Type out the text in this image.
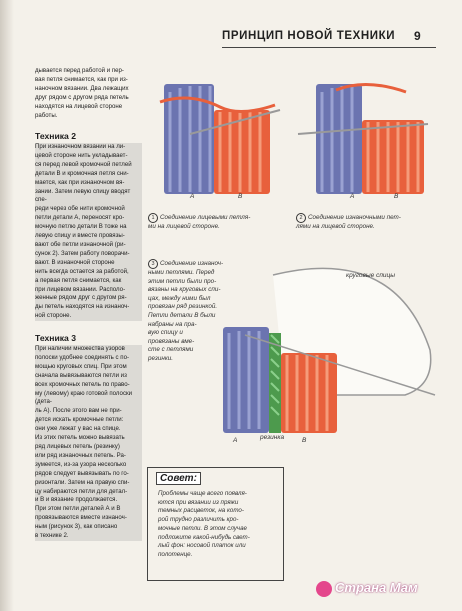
ПРИНЦИП НОВОЙ ТЕХНИКИ 9

дывается перед работой и пер-

вая петля снимается, как при из-

наночном вязании. Два лежащих

друг рядом с другом ряда петель

находятся на лицевой стороне

работы.

Техника 2

При изнаночном вязании на ли-

цевой стороне нить укладывает-

ся перед левой кромочной петлей

детали В и кромочная петля сни-

мается, как при изнаночном вя-

зании. Затем левую спицу вводят спе-

реди через обе нити кромочной

петли детали А, переносят кро-

мочную петлю детали В тоже на

левую спицу и вместе провязы-

вают обе петли изнаночной (ри-

сунок 2). Затем работу поворачи-

вают. В изнаночной стороне

нить всегда остается за работой,

а первая петля снимается, как

при лицевом вязании. Располо-

женные рядом друг с другом ря-

ды петель находятся на изнаноч-

ной стороне.

Техника 3

При наличии множества узоров

полоски удобнее соединять с по-

мощью круговых спиц. При этом

сначала вывязываются петли из

всех кромочных петель по право-

му (левому) краю готовой полоски (дета-

ль А). После этого вам не при-

дется искать кромочные петли:

они уже лежат у вас на спице.

Из этих петель можно вывязать

ряд лицевых петель (резинку)

или ряд изнаночных петель. Ра-

зумеется, из-за узора несколько

рядов следует вывязывать по го-

ризонтали. Затем на правую спи-

цу набираются петли для детал-

и В и вязание продолжается.

При этом петли деталей А и В

провязываются вместе изнаноч-

ным (рисунок 3), как описано

в технике 2.

A	B	A	B
1 Соединение лицевыми петля-
ми на лицевой стороне.
2 Соединение изнаночными пет-
лями на лицевой стороне.
3 Соединение изнаноч-
ными петлями. Перед
этим петли были про-
вязаны на круговых спи-
цах, между ними был
провязан ряд резинкой.
Петли детали В были
набраны на пра-
вую спицу и
провязаны вме-
сте с петлями
резинки.
круговые спицы
резинка
A	B
Совет:
Проблемы чаще всего появля-
ются при вязании из пряжи
темных расцветок, на кото-
рой трудно различить кро-
мочные петли. В этом случае
подложите какой-нибудь свет-
лый фон: носовой платок или
полотенце.
Страна Мам
